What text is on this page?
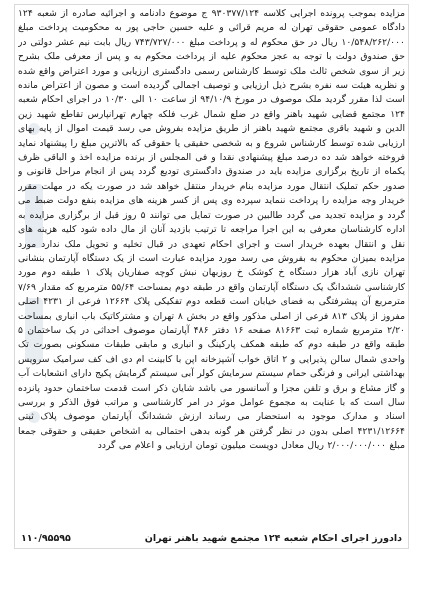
مزایده بموجب پرونده اجرایی کلاسه ۹۳۰۳۷۷/۱۲۴ ج موضوع دادنامه و اجرائیه صادره از شعبه ۱۲۴ دادگاه عمومی حقوقی تهران له مریم قرائی و علیه حسین حاجی پور به محکومیت پرداخت مبلغ ۱۰/۵۴۸/۲۶۲/۰۰۰ ریال در حق محکوم له و پرداخت مبلغ ۷۴۳/۷۲۷/۰۰۰ ریال بابت نیم عشر دولتی در حق صندوق دولت با توجه به عجز محکوم علیه از پرداخت محکوم به و پس از معرفی ملک بشرح زیر از سوی شخص ثالث ملک توسط کارشناس رسمی دادگستری ارزیابی و مورد اعتراض واقع شده و نظریه هیئت سه نفره بشرح ذیل ارزیابی و توصیف اجمالی گردیده است و مصون از اعتراض مانده است لذا مقرر گردید ملک موصوف در مورخ ۹۴/۱۰/۹ از ساعت ۱۰ الی ۱۰/۳۰ در اجرای احکام شعبه ۱۲۴ مجتمع قضایی شهید باهنر واقع در ضلع شمال غرب فلکه چهارم تهرانپارس تقاطع شهید زین الدین و شهید باقری مجتمع شهید باهنر از طریق مزایده بفروش می رسد قیمت اموال از پایه بهای ارزیابی شده توسط کارشناس شروع و به شخصی حقیقی یا حقوقی که بالاترین مبلغ را پیشنهاد نماید فروخته خواهد شد ده درصد مبلغ پیشنهادی نقدا و فی المجلس از برنده مزایده اخذ و الباقی ظرف یکماه از تاریخ برگزاری مزایده باید در صندوق دادگستری تودیع گردد پس از انجام مراحل قانونی و صدور حکم تملیک انتقال مورد مزایده بنام خریدار منتقل خواهد شد در صورت یکه در مهلت مقرر خریدار وجه مزایده را پرداخت ننماید سپرده وی پس از کسر هزینه های مزایده بنفع دولت ضبط می گردد و مزایده تجدید می گردد طالبین در صورت تمایل می توانند ۵ روز قبل از برگزاری مزایده به اداره کارشناسان معرفی به این اجرا مراجعه تا ترتیب بازدید آنان از مال داده شود کلیه هزینه های نقل و انتقال بعهده خریدار است و اجرای احکام تعهدی در قبال تخلیه و تحویل ملک ندارد مورد مزایده بمیزان محکوم به بفروش می رسد مورد مزایده عبارت است از یک دستگاه آپارتمان بنشانی تهران نازی آباد هزار دستگاه خ کوشک خ روزبهان نبش کوچه صفاریان پلاک ۱ طبقه دوم مورد کارشناسی ششدانگ یک دستگاه آپارتمان واقع در طبقه دوم بمساحت ۵۵/۶۴ مترمربع که مقدار ۷/۶۹ مترمربع آن پیشرفتگی به فضای خیابان است قطعه دوم تفکیکی پلاک ۱۲۶۶۴ فرعی از ۴۲۳۱ اصلی مفروز از پلاک ۸۱۳ فرعی از اصلی مذکور واقع در بخش ۸ تهران و مشترکاتیک باب انباری بمساحت ۲/۲۰ مترمربع شماره ثبت ۸۱۶۶۳ صفحه ۱۶ دفتر ۴۸۶ آپارتمان موصوف احداثی در یک ساختمان ۵ طبقه واقع در طبقه دوم که طبقه همکف پارکینگ و انباری و مابقی طبقات مسکونی بصورت تک واحدی شمال سالن پذیرایی و ۲ اتاق خواب آشپزخانه اپن با کابینت ام دی اف کف سرامیک سرویس بهداشتی ایرانی و فرنگی حمام سیستم سرمایش کولر آبی سیستم گرمایش پکیج دارای انشعابات آب و گاز مشاع و برق و تلفن مجزا و آسانسور می باشد شایان ذکر است قدمت ساختمان حدود پانزده سال است که با عنایت به مجموع عوامل موثر در امر کارشناسی و مراتب فوق الذکر و بررسی اسناد و مدارک موجود به استحضار می رساند ارزش ششدانگ آپارتمان موصوف پلاک ثبتی ۴۲۳۱/۱۲۶۶۴ اصلی بدون در نظر گرفتن هر گونه بدهی احتمالی به اشخاص حقیقی و حقوقی جمعا مبلغ ۲/۰۰۰/۰۰۰/۰۰۰ ریال معادل دویست میلیون تومان ارزیابی و اعلام می گردد
دادورز اجرای احکام شعبه ۱۲۴ مجتمع شهید باهنر تهران
۱۱۰/۹۵۵۹۵
